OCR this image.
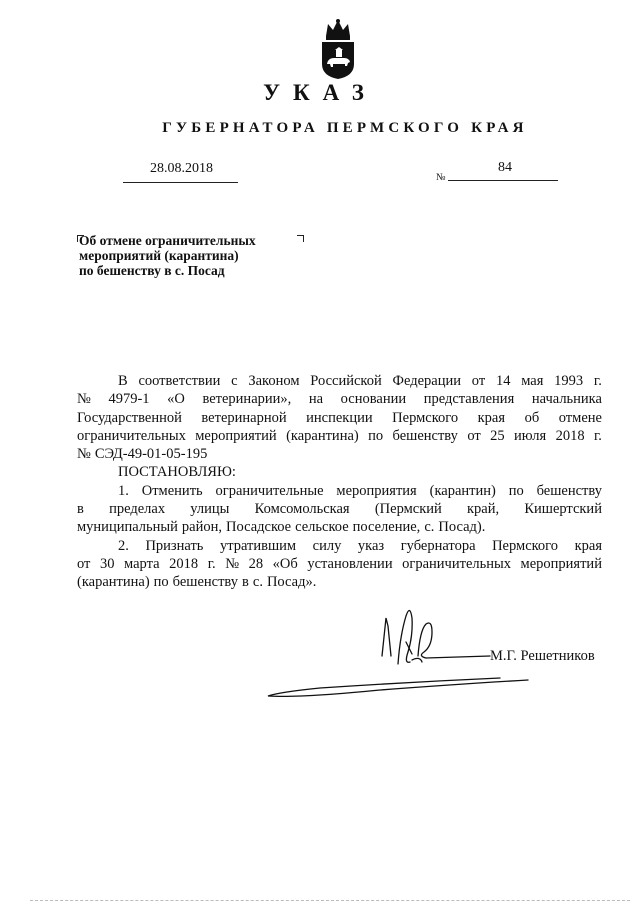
УКАЗ
ГУБЕРНАТОРА ПЕРМСКОГО КРАЯ
28.08.2018
№
84
Об отмене ограничительных
мероприятий (карантина)
по бешенству в с. Посад
В соответствии с Законом Российской Федерации от 14 мая 1993 г.
№ 4979-1 «О ветеринарии», на основании представления начальника
Государственной ветеринарной инспекции Пермского края об отмене
ограничительных мероприятий (карантина) по бешенству от 25 июля 2018 г.
№ СЭД-49-01-05-195
ПОСТАНОВЛЯЮ:
1. Отменить ограничительные мероприятия (карантин) по бешенству
в пределах улицы Комсомольская (Пермский край, Кишертский
муниципальный район, Посадское сельское поселение, с. Посад).
2. Признать утратившим силу указ губернатора Пермского края
от 30 марта 2018 г. № 28 «Об установлении ограничительных мероприятий
(карантина) по бешенству в с. Посад».
М.Г. Решетников
